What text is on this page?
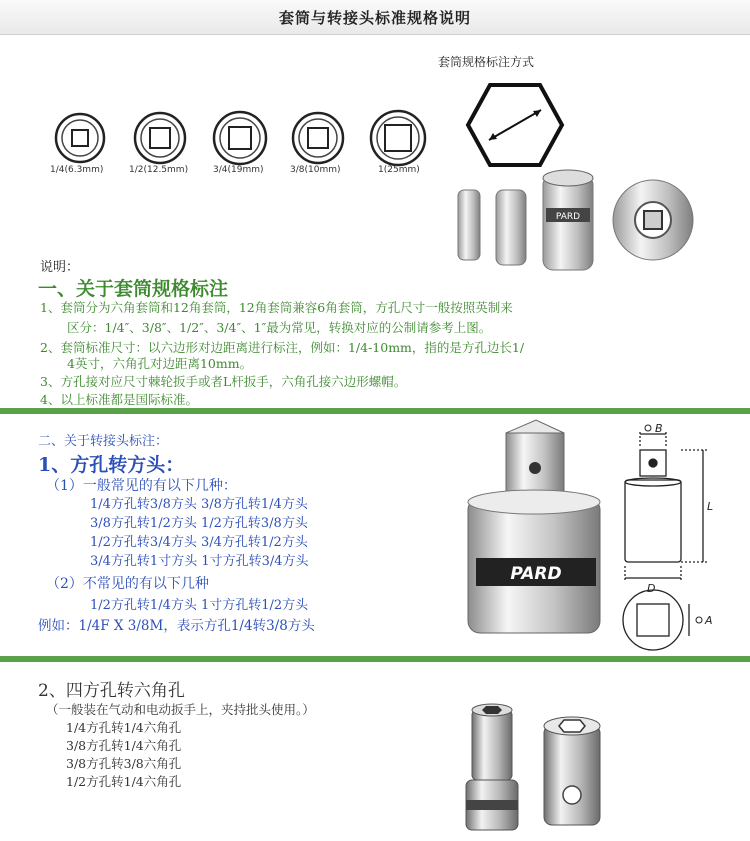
套筒与转接头标准规格说明
1/4(6.3mm)	1/2(12.5mm)	3/4(19mm)	3/8(10mm)	1(25mm)
套筒规格标注方式
PARD
说明：
一、关于套筒规格标注
1、套筒分为六角套筒和12角套筒，12角套筒兼容6角套筒，方孔尺寸一般按照英制来
区分：1/4″、3/8″、1/2″、3/4″、1″最为常见，转换对应的公制请参考上图。
2、套筒标准尺寸：以六边形对边距离进行标注，例如：1/4-10mm，指的是方孔边长1/
4英寸，六角孔对边距离10mm。
3、方孔接对应尺寸棘轮扳手或者L杆扳手，六角孔接六边形螺帽。
4、以上标准都是国际标准。
二、关于转接头标注：
1、方孔转方头：
（1）一般常见的有以下几种：
1/4方孔转3/8方头 3/8方孔转1/4方头
3/8方孔转1/2方头 1/2方孔转3/8方头
1/2方孔转3/4方头 3/4方孔转1/2方头
3/4方孔转1寸方头 1寸方孔转3/4方头
（2）不常见的有以下几种
1/2方孔转1/4方头 1寸方孔转1/2方头
例如：1/4F X 3/8M，表示方孔1/4转3/8方头
PARD
B
L
D
A
2、四方孔转六角孔
（一般装在气动和电动扳手上，夹持批头使用。）
1/4方孔转1/4六角孔
3/8方孔转1/4六角孔
3/8方孔转3/8六角孔
1/2方孔转1/4六角孔
